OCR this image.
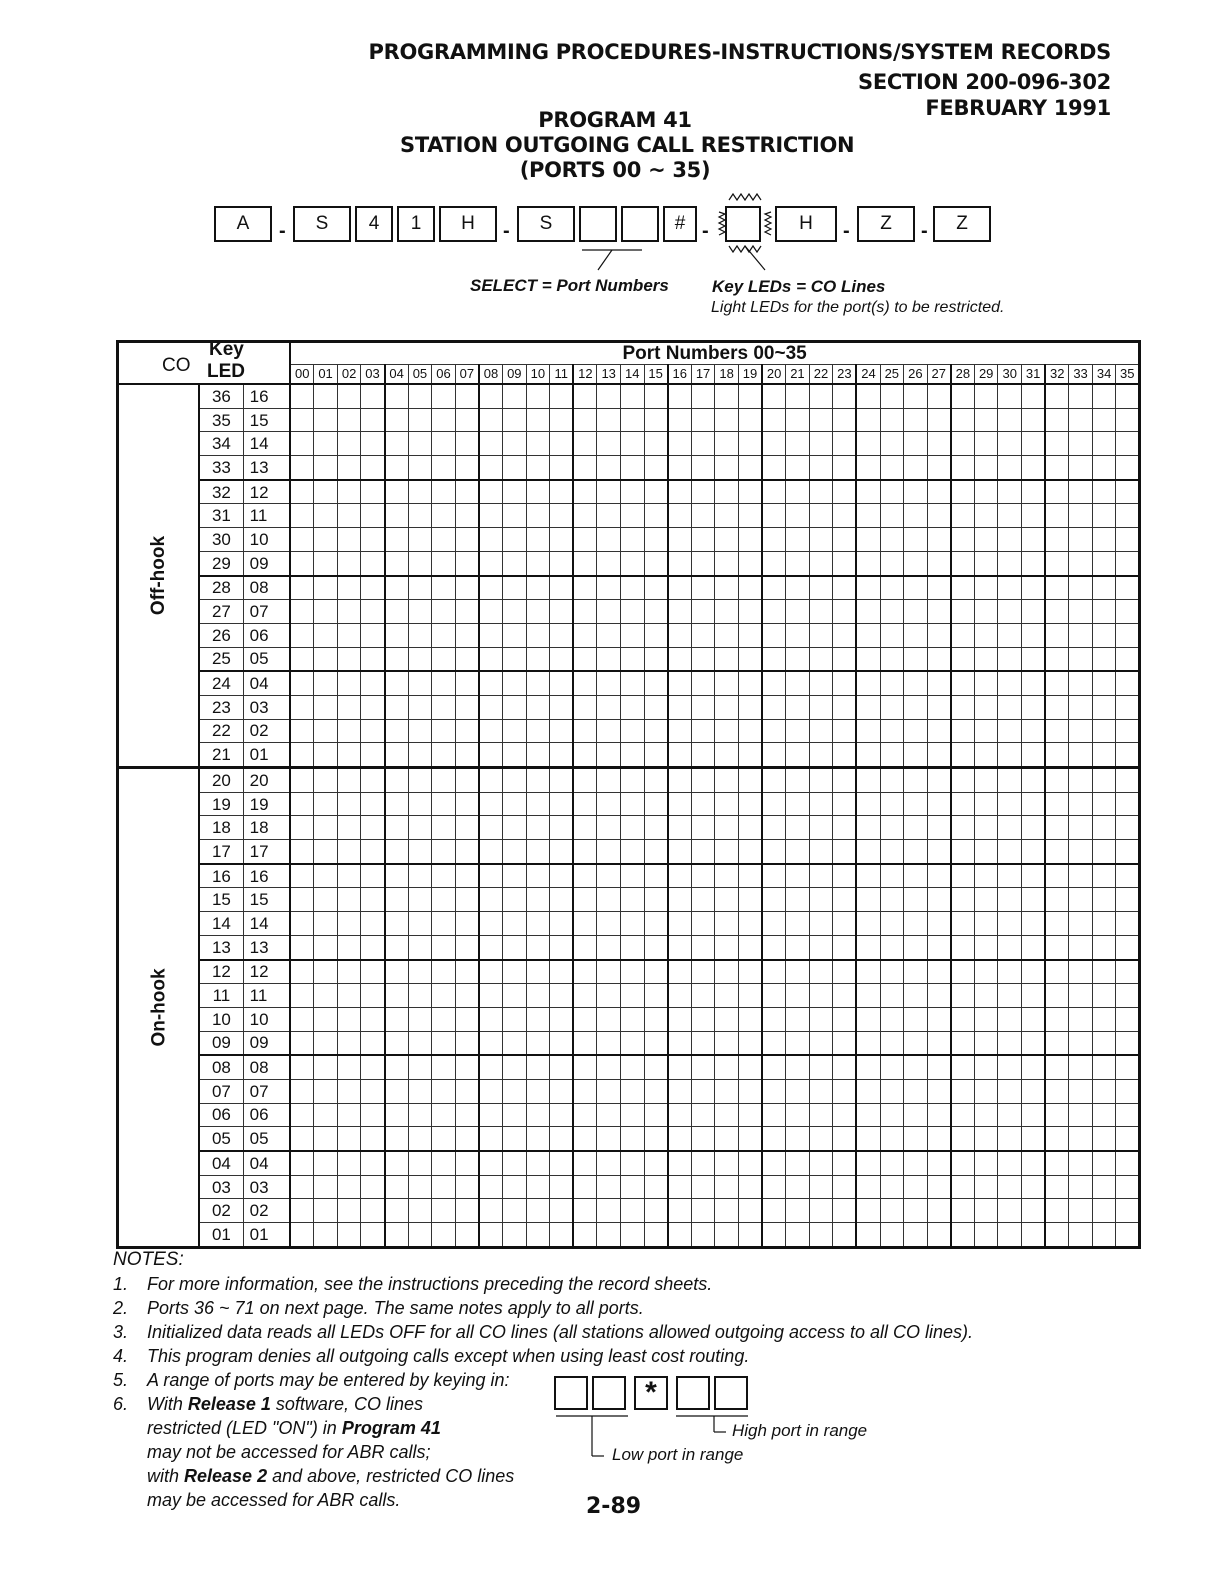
PROGRAMMING PROCEDURES-INSTRUCTIONS/SYSTEM RECORDS
SECTION 200-096-302
FEBRUARY 1991
PROGRAM 41
STATION OUTGOING CALL RESTRICTION
(PORTS 00 ~ 35)
A	-	S	4	1	H	-	S	# -	H	-	Z	-	Z
SELECT = Port Numbers	Key LEDs = CO Lines
Light LEDs for the port(s) to be restricted.
CO
Key
LED			Port Numbers 00~35																																			
			00	01	02	03	04	05	06	07	08	09	10	11	12	13	14	15	16	17	18	19	20	21	22	23	24	25	26	27	28	29	30	31	32	33	34	35
Off-hook	36	16																																				
	35	15																																				
	34	14																																				
	33	13																																				
	32	12																																				
	31	11																																				
	30	10																																				
	29	09																																				
	28	08																																				
	27	07																																				
	26	06																																				
	25	05																																				
	24	04																																				
	23	03																																				
	22	02																																				
	21	01																																				
On-hook	20	20																																				
	19	19																																				
	18	18																																				
	17	17																																				
	16	16																																				
	15	15																																				
	14	14																																				
	13	13																																				
	12	12																																				
	11	11																																				
	10	10																																				
	09	09																																				
	08	08																																				
	07	07																																				
	06	06																																				
	05	05																																				
	04	04																																				
	03	03																																				
	02	02																																				
	01	01																																				
NOTES:
1.	For more information, see the instructions preceding the record sheets.
2.	Ports 36 ~ 71 on next page. The same notes apply to all ports.
3.	Initialized data reads all LEDs OFF for all CO lines (all stations allowed outgoing access to all CO lines).
4.	This program denies all outgoing calls except when using least cost routing.
5.	A range of ports may be entered by keying in:
6.	With Release 1 software, CO lines
restricted (LED "ON") in Program 41
may not be accessed for ABR calls;
with Release 2 and above, restricted CO lines
may be accessed for ABR calls.
*
High port in range
Low port in range
2-89
